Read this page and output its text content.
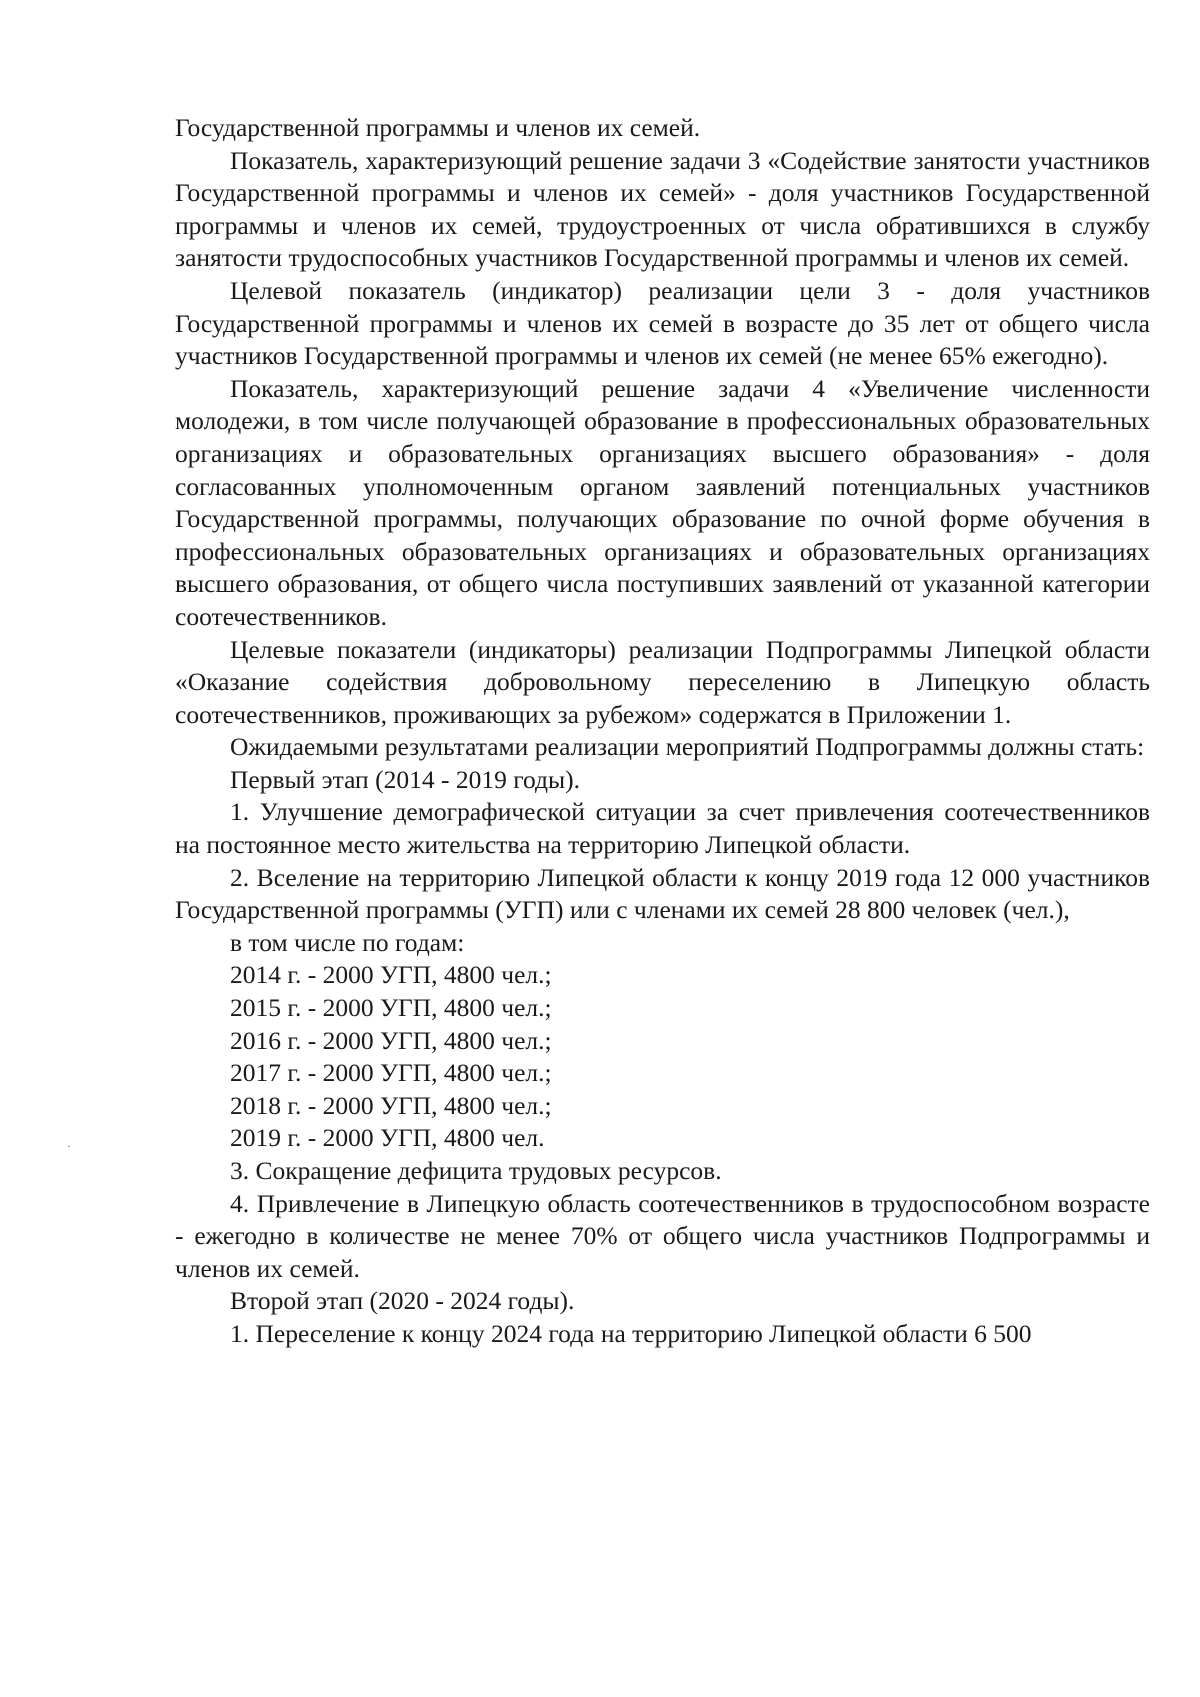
Государственной программы и членов их семей.

Показатель, характеризующий решение задачи 3 «Содействие занятости участников Государственной программы и членов их семей» - доля участников Государственной программы и членов их семей, трудоустроенных от числа обратившихся в службу занятости трудоспособных участников Государственной программы и членов их семей.

Целевой показатель (индикатор) реализации цели 3 - доля участников Государственной программы и членов их семей в возрасте до 35 лет от общего числа участников Государственной программы и членов их семей (не менее 65% ежегодно).

Показатель, характеризующий решение задачи 4 «Увеличение численности молодежи, в том числе получающей образование в профессиональных образовательных организациях и образовательных организациях высшего образования» - доля согласованных уполномоченным органом заявлений потенциальных участников Государственной программы, получающих образование по очной форме обучения в профессиональных образовательных организациях и образовательных организациях высшего образования, от общего числа поступивших заявлений от указанной категории соотечественников.

Целевые показатели (индикаторы) реализации Подпрограммы Липецкой области «Оказание содействия добровольному переселению в Липецкую область соотечественников, проживающих за рубежом» содержатся в Приложении 1.

Ожидаемыми результатами реализации мероприятий Подпрограммы должны стать:

Первый этап (2014 - 2019 годы).

1. Улучшение демографической ситуации за счет привлечения соотечественников на постоянное место жительства на территорию Липецкой области.

2. Вселение на территорию Липецкой области к концу 2019 года 12 000 участников Государственной программы (УГП) или с членами их семей 28 800 человек (чел.),

в том числе по годам:

2014 г. - 2000 УГП, 4800 чел.;

2015 г. - 2000 УГП, 4800 чел.;

2016 г. - 2000 УГП, 4800 чел.;

2017 г. - 2000 УГП, 4800 чел.;

2018 г. - 2000 УГП, 4800 чел.;

2019 г. - 2000 УГП, 4800 чел.

3. Сокращение дефицита трудовых ресурсов.

4. Привлечение в Липецкую область соотечественников в трудоспособном возрасте - ежегодно в количестве не менее 70% от общего числа участников Подпрограммы и членов их семей.

Второй этап (2020 - 2024 годы).

1. Переселение к концу 2024 года на территорию Липецкой области 6 500
